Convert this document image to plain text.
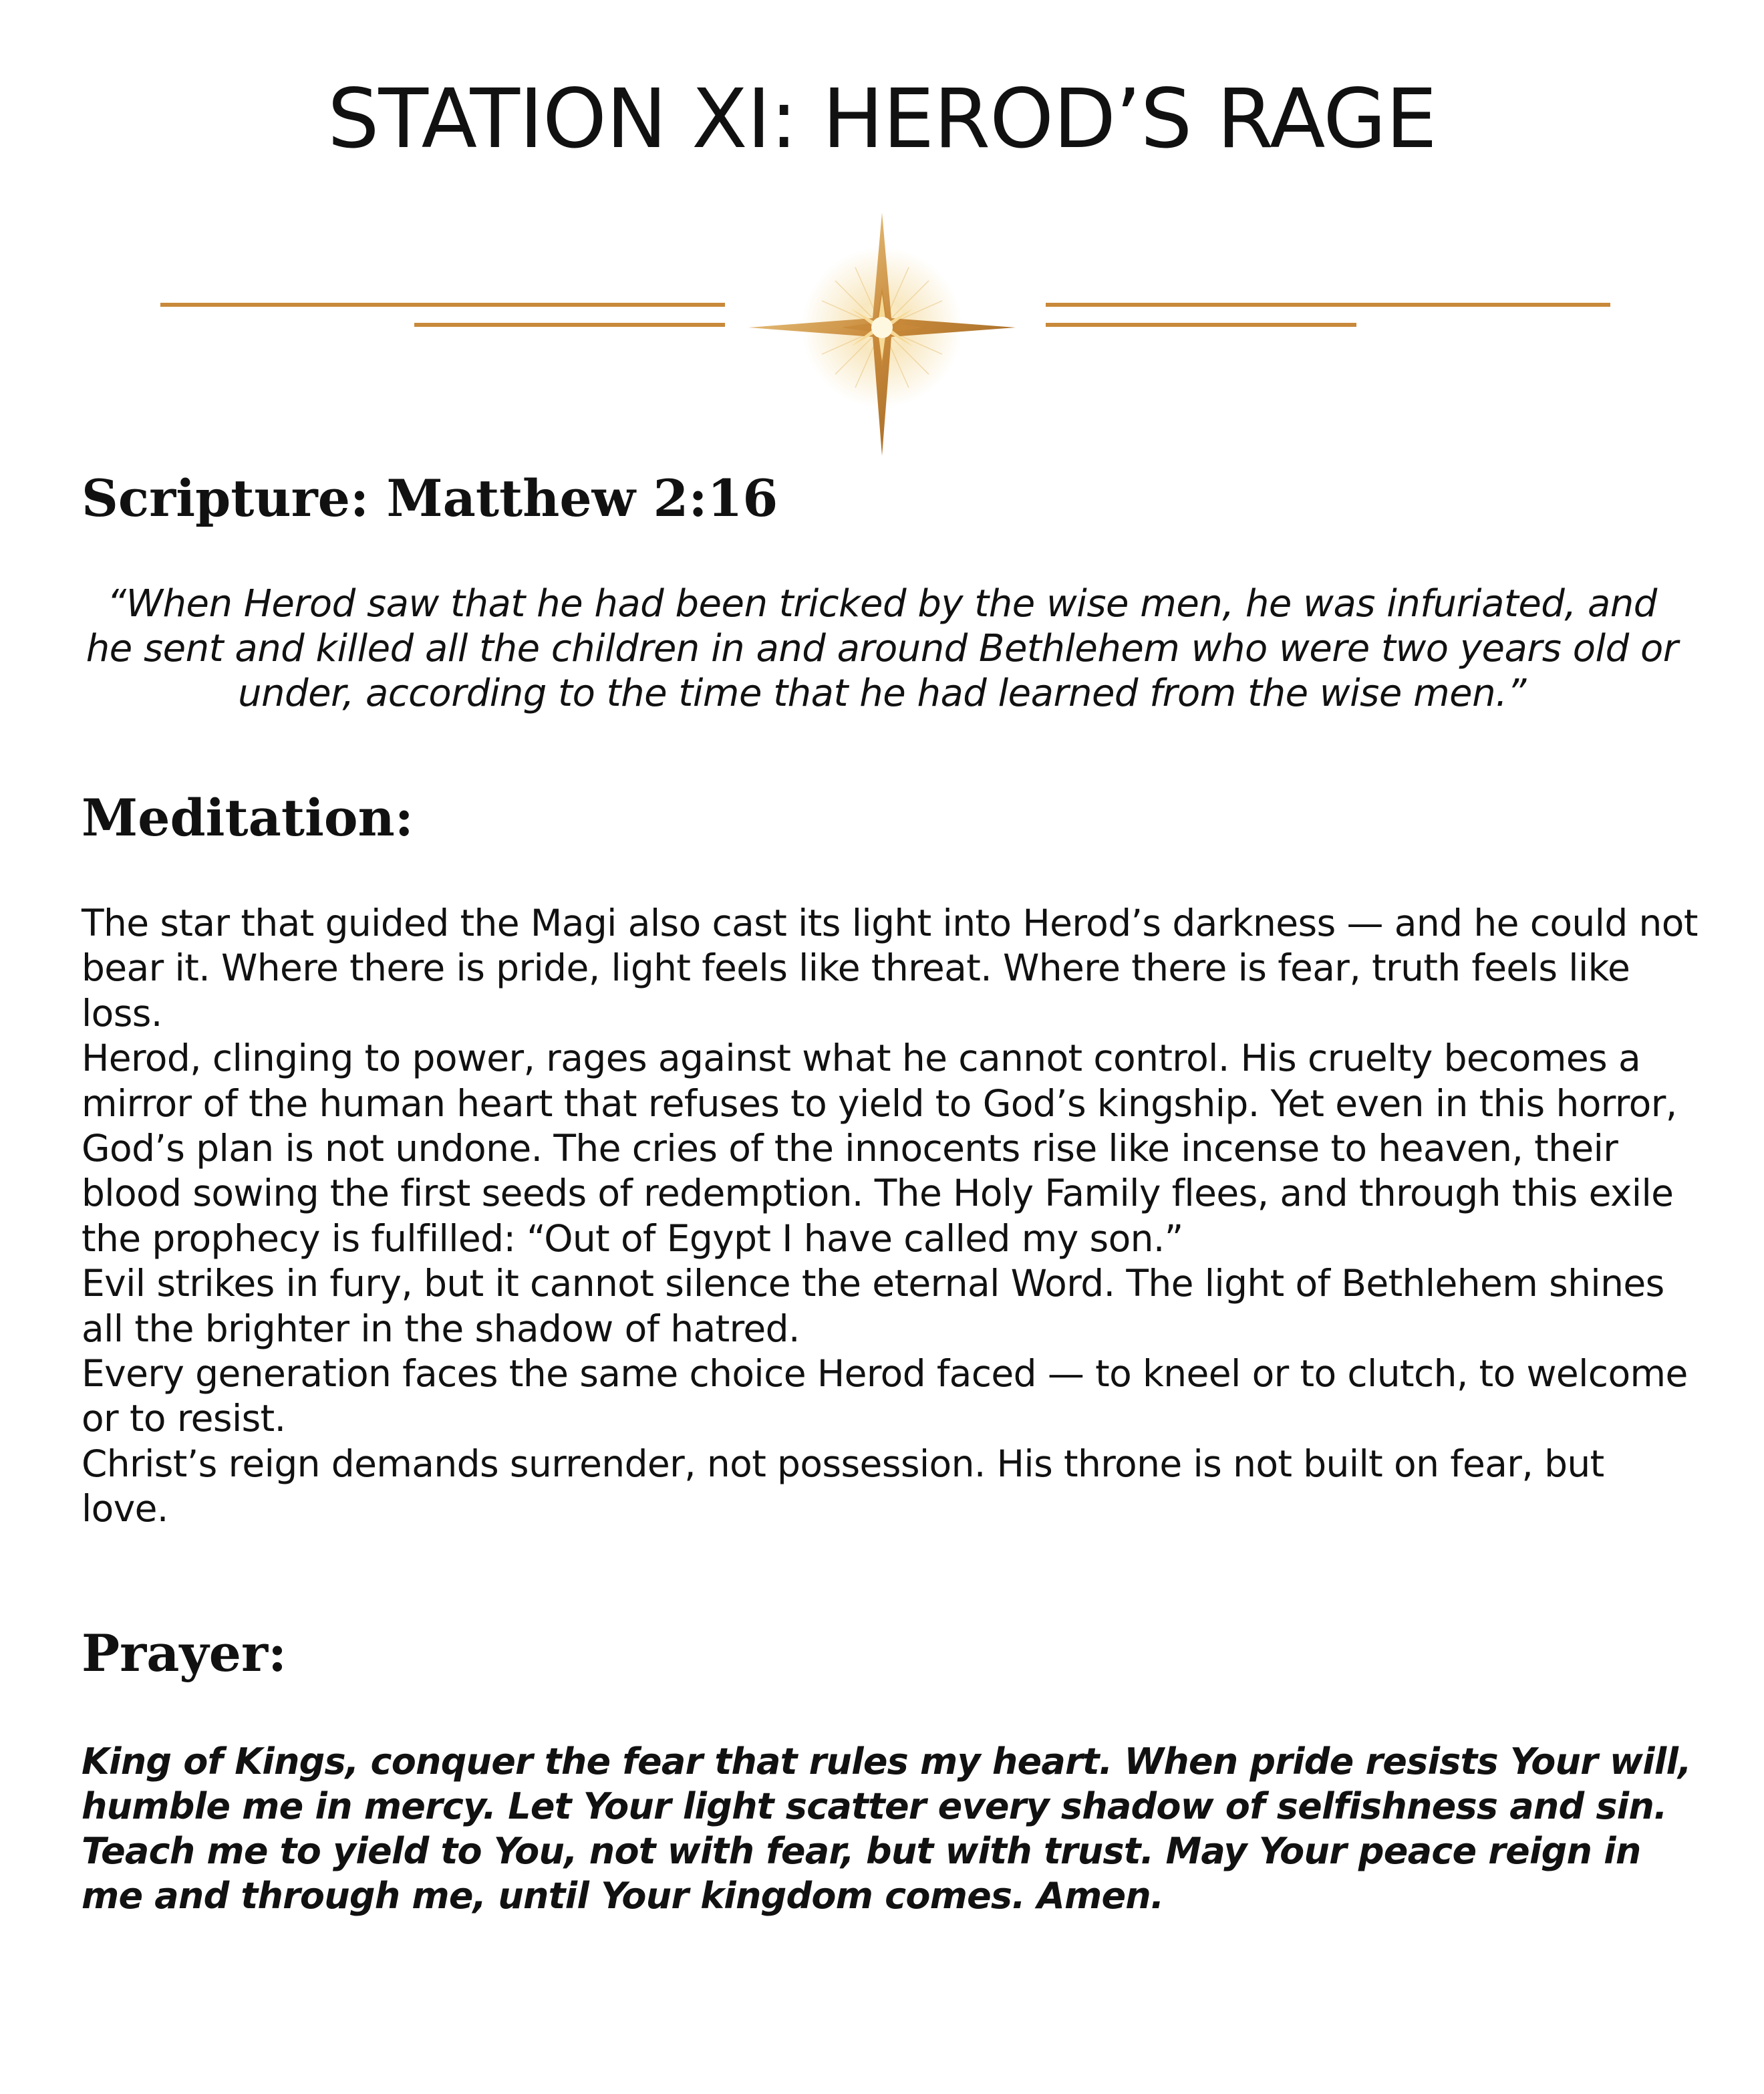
STATION XI: HEROD’S RAGE
Scripture: Matthew 2:16

“When Herod saw that he had been tricked by the wise men, he was infuriated, and he sent and killed all the children in and around Bethlehem who were two years old or under, according to the time that he had learned from the wise men.”

Meditation:

The star that guided the Magi also cast its light into Herod’s darkness — and he could not bear it. Where there is pride, light feels like threat. Where there is fear, truth feels like loss.

Herod, clinging to power, rages against what he cannot control. His cruelty becomes a mirror of the human heart that refuses to yield to God’s kingship. Yet even in this horror, God’s plan is not undone. The cries of the innocents rise like incense to heaven, their blood sowing the first seeds of redemption. The Holy Family flees, and through this exile the prophecy is fulfilled: “Out of Egypt I have called my son.”

Evil strikes in fury, but it cannot silence the eternal Word. The light of Bethlehem shines all the brighter in the shadow of hatred.

Every generation faces the same choice Herod faced — to kneel or to clutch, to welcome or to resist.

Christ’s reign demands surrender, not possession. His throne is not built on fear, but love.

Prayer:

King of Kings, conquer the fear that rules my heart. When pride resists Your will, humble me in mercy. Let Your light scatter every shadow of selfishness and sin. Teach me to yield to You, not with fear, but with trust. May Your peace reign in me and through me, until Your kingdom comes. Amen.
